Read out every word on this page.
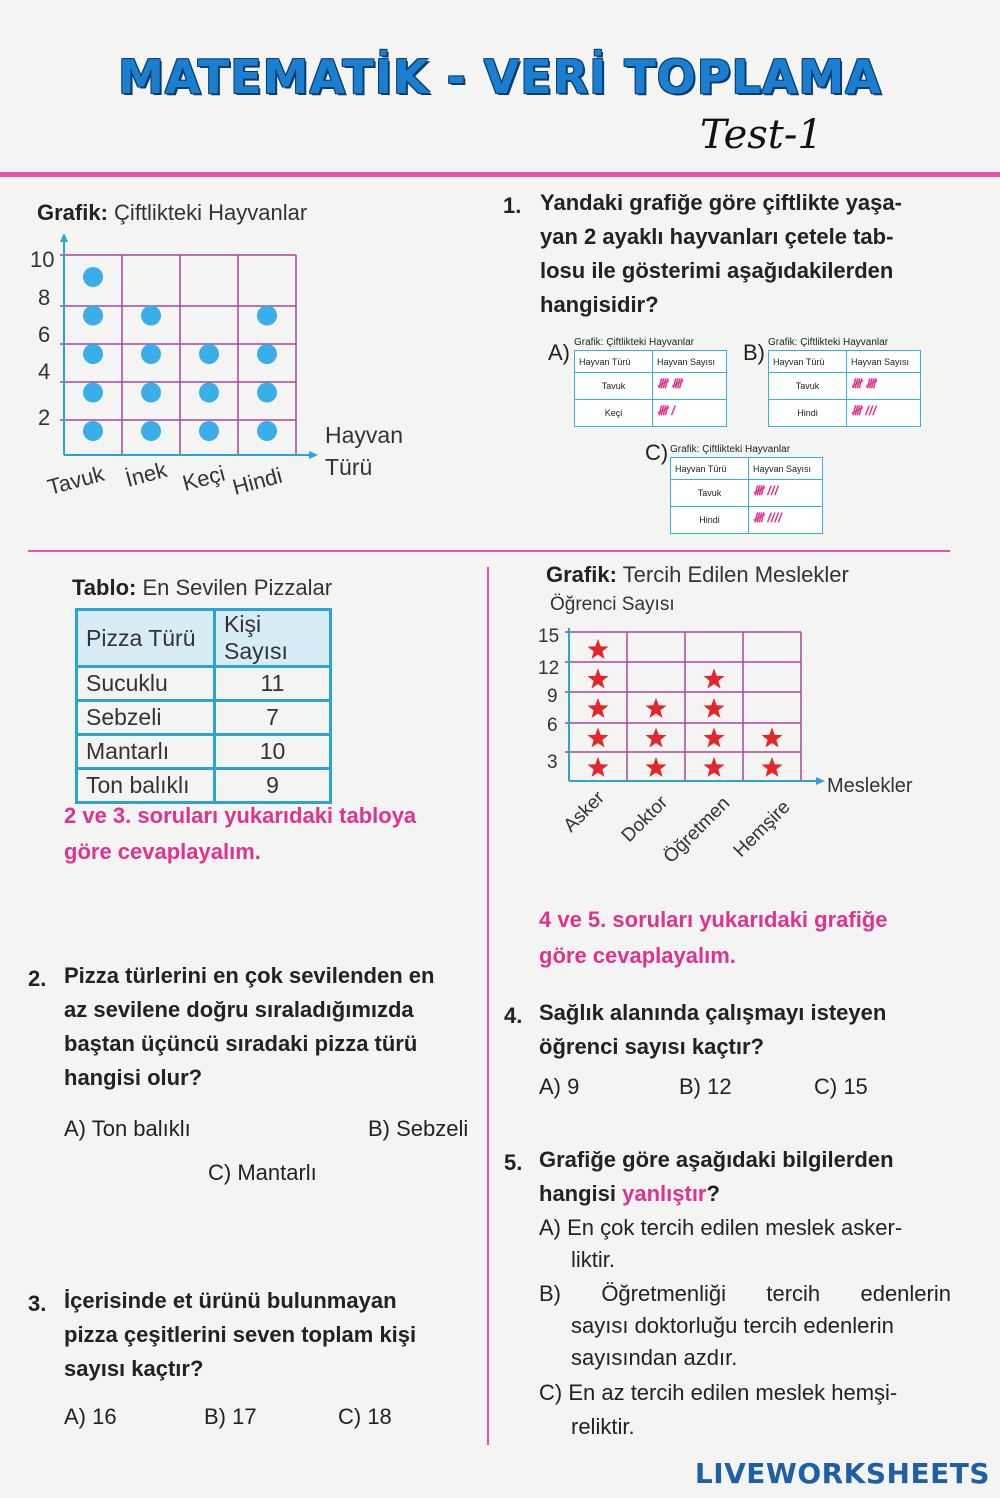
MATEMATİK - VERİ TOPLAMA
Test-1
Grafik: Çiftlikteki Hayvanlar
10
8
6
4
2
Tavuk İnek Keçi Hindi
Hayvan
Türü
1. Yandaki grafiğe göre çiftlikte yaşa-
yan 2 ayaklı hayvanları çetele tab-
losu ile gösterimi aşağıdakilerden
hangisidir?
A) Grafik: Çiftlikteki Hayvanlar
Hayvan Türü	Hayvan Sayısı
Tavuk	𝍸 𝍸
Keçi	𝍸 /
B) Grafik: Çiftlikteki Hayvanlar
Hayvan Türü	Hayvan Sayısı
Tavuk	𝍸 𝍸
Hindi	𝍸 ///
C) Grafik: Çiftlikteki Hayvanlar
Hayvan Türü	Hayvan Sayısı
Tavuk	𝍸 ///
Hindi	𝍸 ////
Tablo: En Sevilen Pizzalar
Pizza Türü	Kişi Sayısı
Sucuklu	11
Sebzeli	7
Mantarlı	10
Ton balıklı	9
2 ve 3. soruları yukarıdaki tabloya
göre cevaplayalım.
Grafik: Tercih Edilen Meslekler
Öğrenci Sayısı
15
12
9
6
3
Meslekler
Asker Doktor
Öğretmen
Hemşire
4 ve 5. soruları yukarıdaki grafiğe
göre cevaplayalım.
2. Pizza türlerini en çok sevilenden en
az sevilene doğru sıraladığımızda
baştan üçüncü sıradaki pizza türü
hangisi olur?
A) Ton balıklı	B) Sebzeli
C) Mantarlı
3. İçerisinde et ürünü bulunmayan
pizza çeşitlerini seven toplam kişi
sayısı kaçtır?
A) 16	B) 17	C) 18
4. Sağlık alanında çalışmayı isteyen
öğrenci sayısı kaçtır?
A) 9	B) 12	C) 15
5. Grafiğe göre aşağıdaki bilgilerden
hangisi yanlıştır?
A) En çok tercih edilen meslek asker-
liktir.
B) Öğretmenliği tercih edenlerin
sayısı doktorluğu tercih edenlerin
sayısından azdır.
C) En az tercih edilen meslek hemşi-
reliktir.
LIVEWORKSHEETS
